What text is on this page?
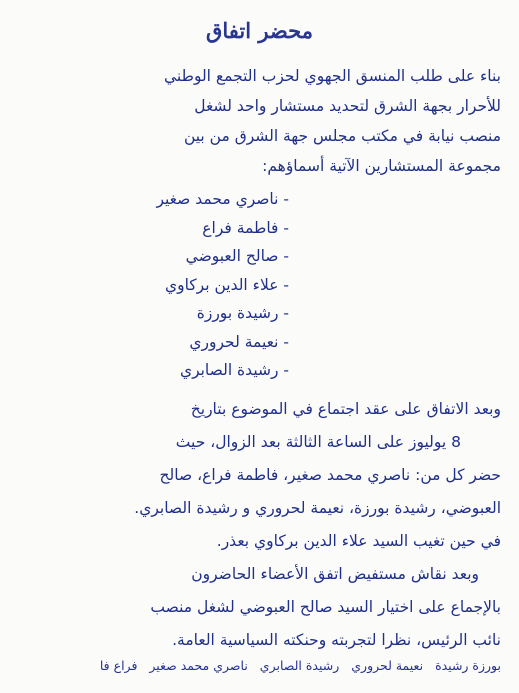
محضر اتفاق

بناء على طلب المنسق الجهوي لحزب التجمع الوطني
للأحرار بجهة الشرق لتحديد مستشار واحد لشغل
منصب نيابة في مكتب مجلس جهة الشرق من بين
مجموعة المستشارين الآتية أسماؤهم:

- ناصري محمد صغير
- فاطمة فراع
- صالح العبوضي
- علاء الدين بركاوي
- رشيدة بورزة
- نعيمة لحروري
- رشيدة الصابري

وبعد الاتفاق على عقد اجتماع في الموضوع بتاريخ
8 يوليوز على الساعة الثالثة بعد الزوال، حيث
حضر كل من: ناصري محمد صغير، فاطمة فراع، صالح
العبوضي، رشيدة بورزة، نعيمة لحروري و رشيدة الصابري.
في حين تغيب السيد علاء الدين بركاوي بعذر.
وبعد نقاش مستفيض اتفق الأعضاء الحاضرون
بالإجماع على اختيار السيد صالح العبوضي لشغل منصب
نائب الرئيس، نظرا لتجربته وحنكته السياسية العامة.

بورزة رشيدة نعيمة لحروري رشيدة الصابري ناصري محمد صغير فراع فا
